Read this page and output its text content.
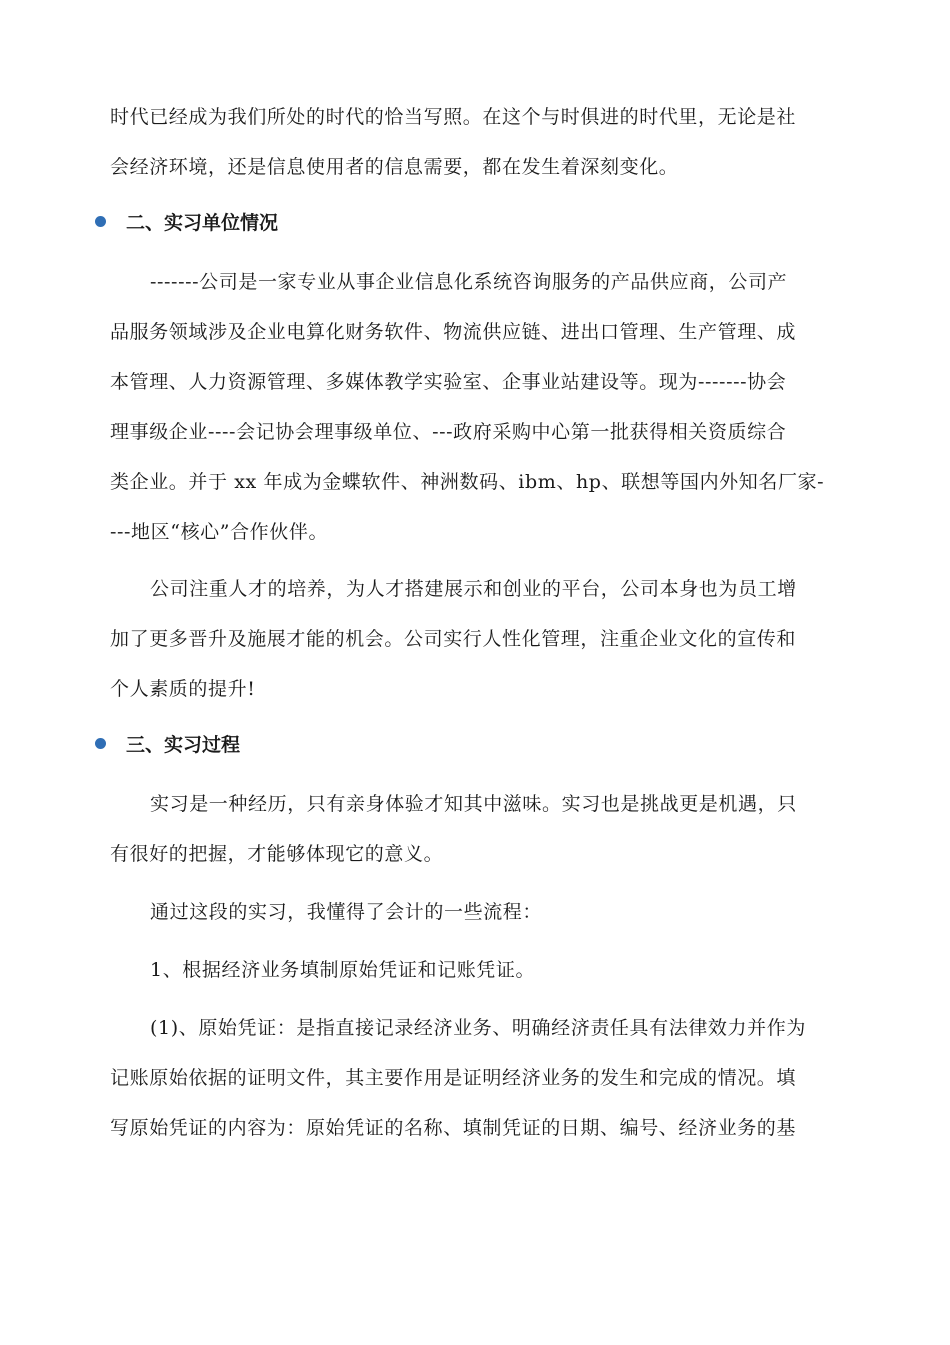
时代已经成为我们所处的时代的恰当写照。在这个与时俱进的时代里，无论是社
会经济环境，还是信息使用者的信息需要，都在发生着深刻变化。
二、实习单位情况
-------公司是一家专业从事企业信息化系统咨询服务的产品供应商，公司产
品服务领域涉及企业电算化财务软件、物流供应链、进出口管理、生产管理、成
本管理、人力资源管理、多媒体教学实验室、企事业站建设等。现为-------协会
理事级企业----会记协会理事级单位、---政府采购中心第一批获得相关资质综合
类企业。并于 xx 年成为金蝶软件、神洲数码、ibm、hp、联想等国内外知名厂家-
---地区“核心”合作伙伴。
公司注重人才的培养，为人才搭建展示和创业的平台，公司本身也为员工增
加了更多晋升及施展才能的机会。公司实行人性化管理，注重企业文化的宣传和
个人素质的提升!
三、实习过程
实习是一种经历，只有亲身体验才知其中滋味。实习也是挑战更是机遇，只
有很好的把握，才能够体现它的意义。
通过这段的实习，我懂得了会计的一些流程：
1、根据经济业务填制原始凭证和记账凭证。
(1)、原始凭证：是指直接记录经济业务、明确经济责任具有法律效力并作为
记账原始依据的证明文件，其主要作用是证明经济业务的发生和完成的情况。填
写原始凭证的内容为：原始凭证的名称、填制凭证的日期、编号、经济业务的基
